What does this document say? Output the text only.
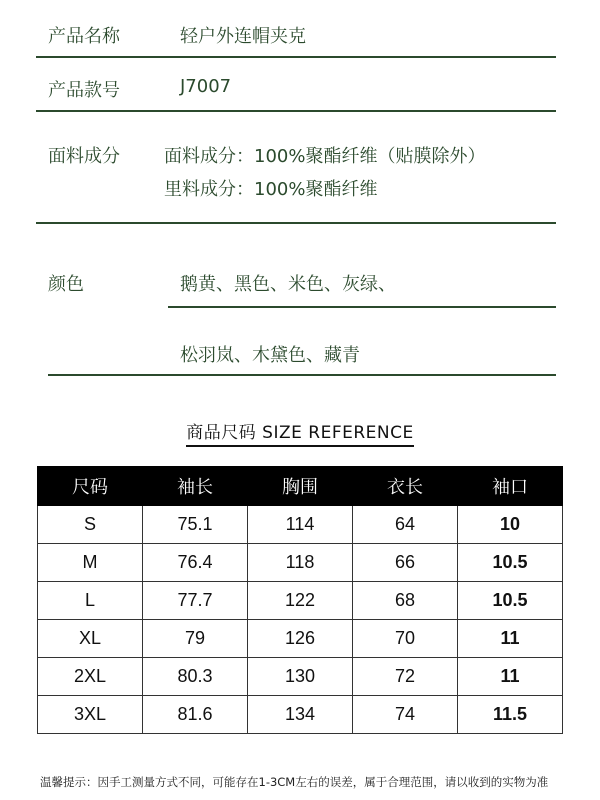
产品名称	轻户外连帽夹克
产品款号	J7007
面料成分 面料成分：100%聚酯纤维（贴膜除外）
里料成分：100%聚酯纤维
颜色	鹅黄、黑色、米色、灰绿、
松羽岚、木黛色、藏青
商品尺码 SIZE REFERENCE
尺码	袖长	胸围	衣长	袖口
S	75.1	114	64	10
M	76.4	118	66	10.5
L	77.7	122	68	10.5
XL	79	126	70	11
2XL	80.3	130	72	11
3XL	81.6	134	74	11.5
温馨提示：因手工测量方式不同，可能存在1-3CM左右的误差，属于合理范围，请以收到的实物为准
